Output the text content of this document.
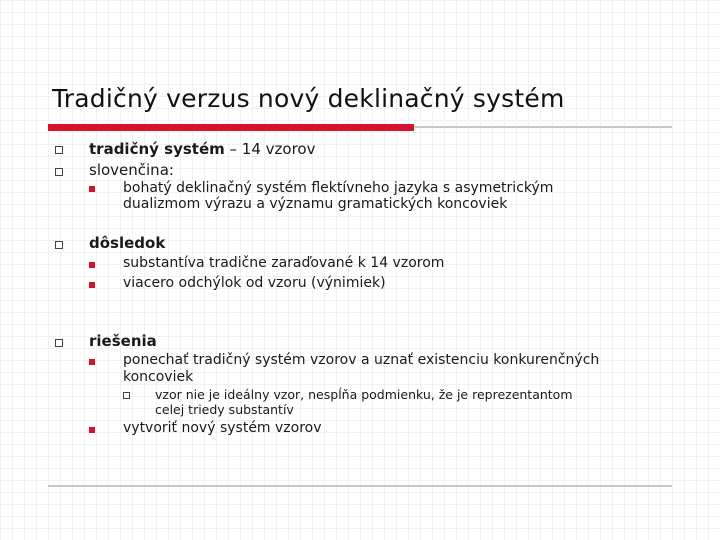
Tradičný verzus nový deklinačný systém
tradičný systém – 14 vzorov
slovenčina:
bohatý deklinačný systém flektívneho jazyka s asymetrickým
dualizmom výrazu a významu gramatických koncoviek
dôsledok
substantíva tradične zaraďované k 14 vzorom
viacero odchýlok od vzoru (výnimiek)
riešenia
ponechať tradičný systém vzorov a uznať existenciu konkurenčných
koncoviek
vzor nie je ideálny vzor, nespĺňa podmienku, že je reprezentantom
celej triedy substantív
vytvoriť nový systém vzorov
